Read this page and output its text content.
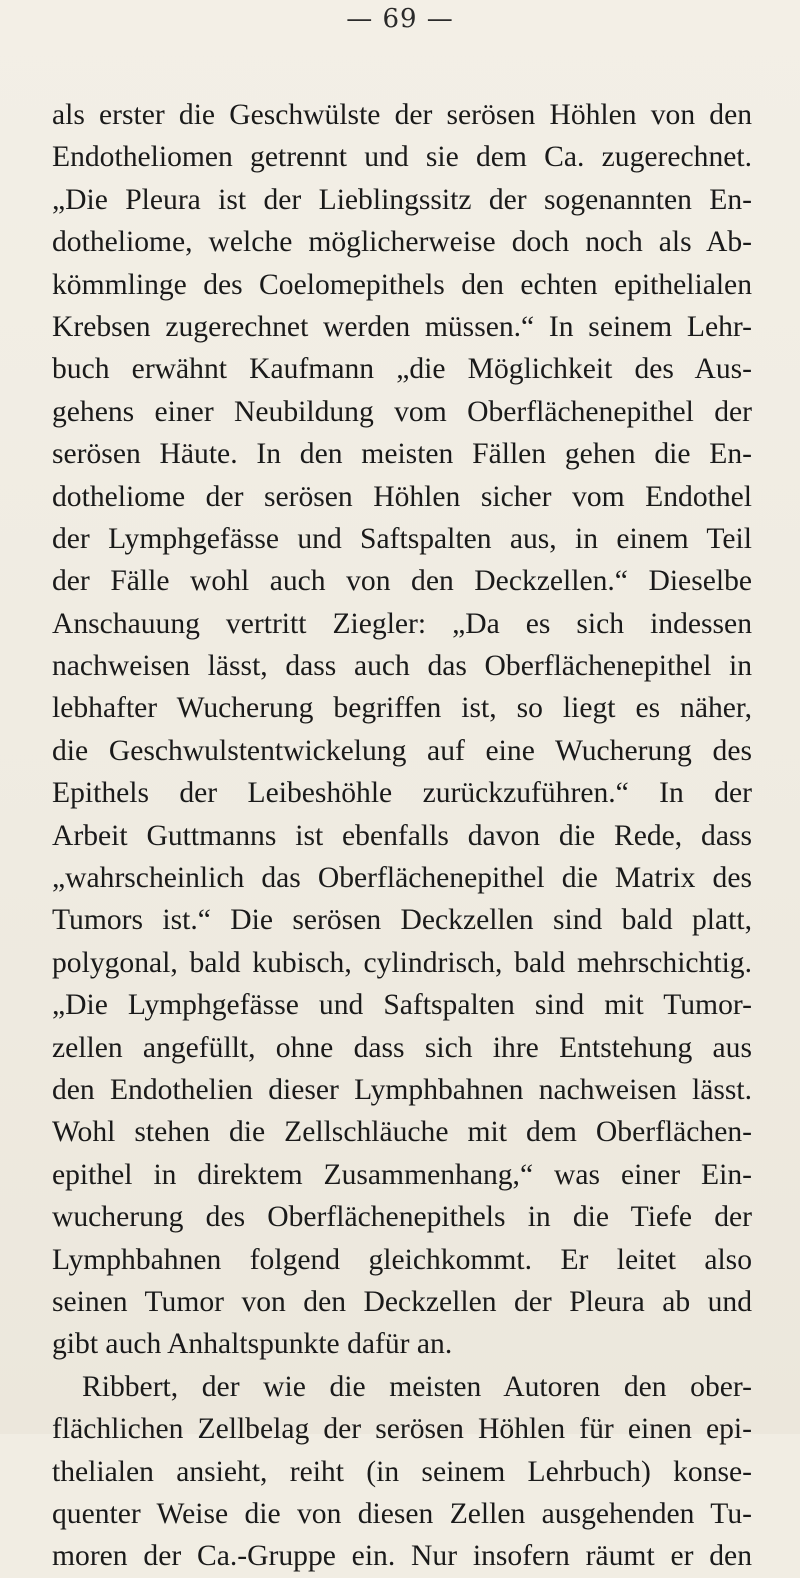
— 69 —
als erster die Geschwülste der serösen Höhlen von den
Endotheliomen getrennt und sie dem Ca. zugerechnet.
„Die Pleura ist der Lieblingssitz der sogenannten En-
dotheliome, welche möglicherweise doch noch als Ab-
kömmlinge des Coelomepithels den echten epithelialen
Krebsen zugerechnet werden müssen.“ In seinem Lehr-
buch erwähnt Kaufmann „die Möglichkeit des Aus-
gehens einer Neubildung vom Oberflächenepithel der
serösen Häute. In den meisten Fällen gehen die En-
dotheliome der serösen Höhlen sicher vom Endothel
der Lymphgefässe und Saftspalten aus, in einem Teil
der Fälle wohl auch von den Deckzellen.“ Dieselbe
Anschauung vertritt Ziegler: „Da es sich indessen
nachweisen lässt, dass auch das Oberflächenepithel in
lebhafter Wucherung begriffen ist, so liegt es näher,
die Geschwulstentwickelung auf eine Wucherung des
Epithels der Leibeshöhle zurückzuführen.“ In der
Arbeit Guttmanns ist ebenfalls davon die Rede, dass
„wahrscheinlich das Oberflächenepithel die Matrix des
Tumors ist.“ Die serösen Deckzellen sind bald platt,
polygonal, bald kubisch, cylindrisch, bald mehrschichtig.
„Die Lymphgefässe und Saftspalten sind mit Tumor-
zellen angefüllt, ohne dass sich ihre Entstehung aus
den Endothelien dieser Lymphbahnen nachweisen lässt.
Wohl stehen die Zellschläuche mit dem Oberflächen-
epithel in direktem Zusammenhang,“ was einer Ein-
wucherung des Oberflächenepithels in die Tiefe der
Lymphbahnen folgend gleichkommt. Er leitet also
seinen Tumor von den Deckzellen der Pleura ab und
gibt auch Anhaltspunkte dafür an.
Ribbert, der wie die meisten Autoren den ober-
flächlichen Zellbelag der serösen Höhlen für einen epi-
thelialen ansieht, reiht (in seinem Lehrbuch) konse-
quenter Weise die von diesen Zellen ausgehenden Tu-
moren der Ca.-Gruppe ein. Nur insofern räumt er den
